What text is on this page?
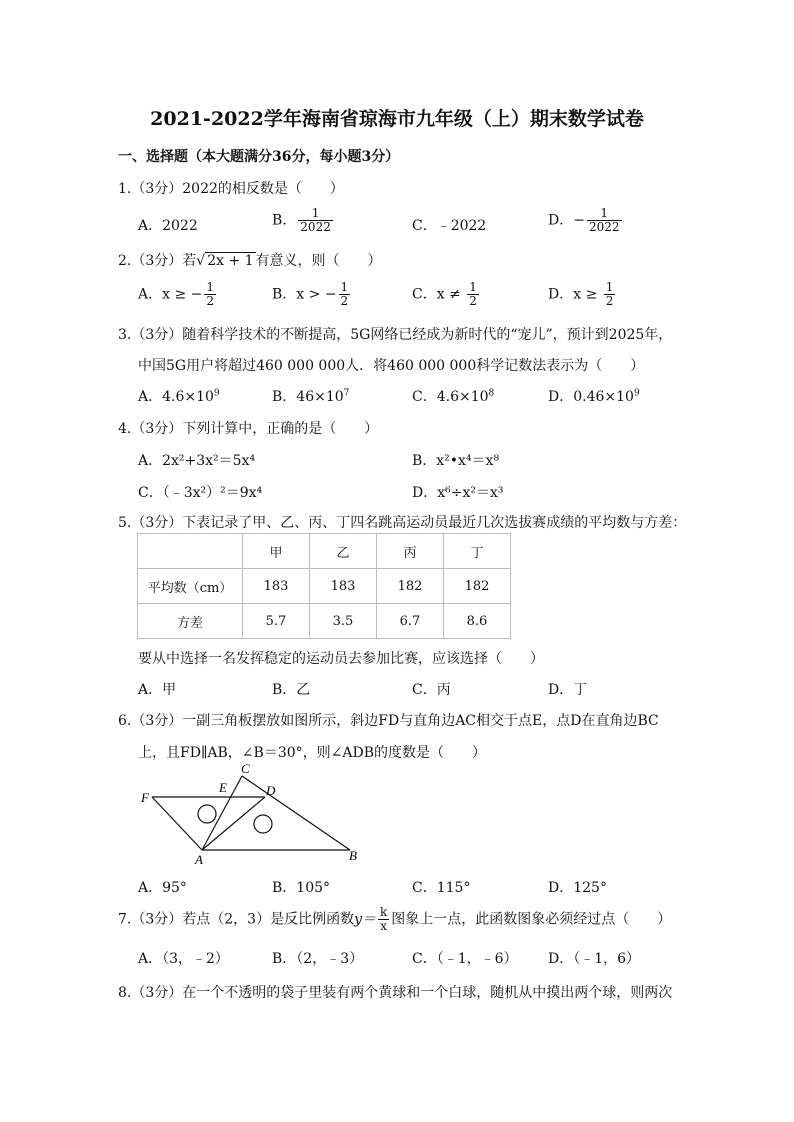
2021-2022学年海南省琼海市九年级（上）期末数学试卷
一、选择题（本大题满分36分，每小题3分）
1.（3分）2022的相反数是（　　）
A．2022	B． $\frac{1}{2022}$	C．﹣2022	D．− $\frac{1}{2022}$
2.（3分）若√ 2x + 1 有意义，则（　　）
A．x ≥ − $\frac{1}{2}$	B．x > − $\frac{1}{2}$	C．$x \ne \frac{1}{2}$	D．$x \ge \frac{1}{2}$
3.（3分）随着科学技术的不断提高，5G网络已经成为新时代的“宠儿”，预计到2025年，
中国5G用户将超过460 000 000人．将460 000 000科学记数法表示为（　　）
A．$4.6\times 10^9$	B．$46\times 10^7$	C．$4.6\times 10^8$	D．$0.46\times 10^9$
4.（3分）下列计算中，正确的是（　　）
A．2x²+3x²＝5x⁴	B．x²•x⁴＝x⁸
C．（﹣3x²）²＝9x⁴	D．x⁶÷x²＝x³
5.（3分）下表记录了甲、乙、丙、丁四名跳高运动员最近几次选拔赛成绩的平均数与方差：
	甲	乙	丙	丁
平均数（cm）	183	183	182	182
方差	5.7	3.5	6.7	8.6
要从中选择一名发挥稳定的运动员去参加比赛，应该选择（　　）
A．甲	B．乙	C．丙	D．丁
6.（3分）一副三角板摆放如图所示，斜边FD与直角边AC相交于点E，点D在直角边BC
上，且FD∥AB，∠B＝30°，则∠ADB的度数是（　　）
F
E
C
D
A	B
A．95°	B．105°	C．115°	D．125°
7.（3分）若点（2，3）是反比例函数$y= \frac{k}{x}$ 图象上一点，此函数图象必须经过点（　　）
A．（3，﹣2）	B．（2，﹣3）	C．（﹣1，﹣6） D．（﹣1，6）
8.（3分）在一个不透明的袋子里装有两个黄球和一个白球，随机从中摸出两个球，则两次
